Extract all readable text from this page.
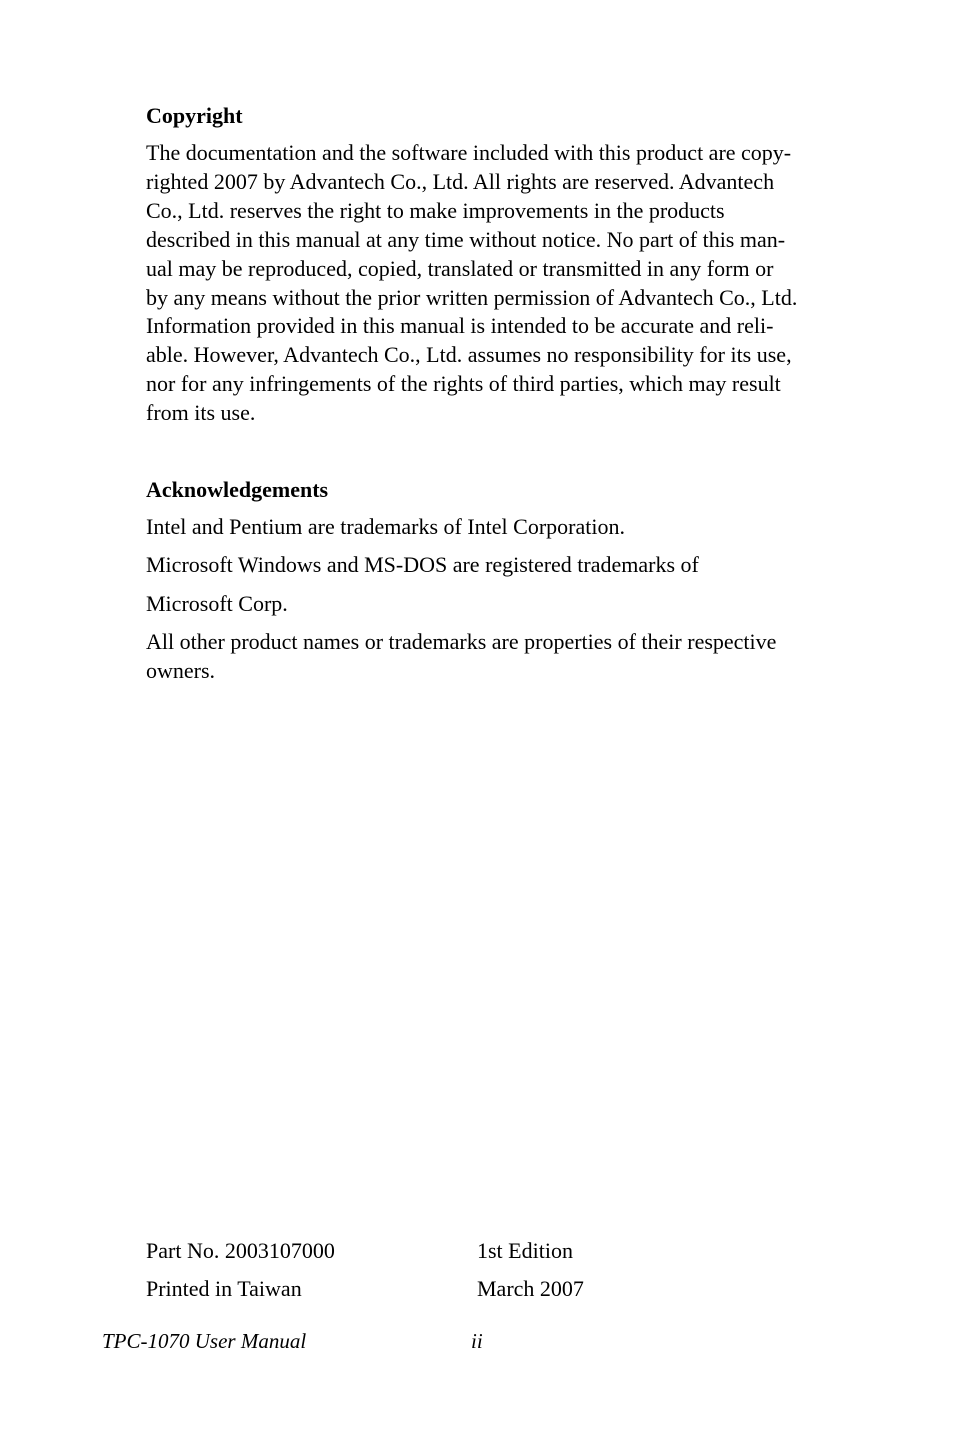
Copyright
The documentation and the software included with this product are copy-
righted 2007 by Advantech Co., Ltd. All rights are reserved. Advantech
Co., Ltd. reserves the right to make improvements in the products
described in this manual at any time without notice. No part of this man-
ual may be reproduced, copied, translated or transmitted in any form or
by any means without the prior written permission of Advantech Co., Ltd.
Information provided in this manual is intended to be accurate and reli-
able. However, Advantech Co., Ltd. assumes no responsibility for its use,
nor for any infringements of the rights of third parties, which may result
from its use.
Acknowledgements
Intel and Pentium are trademarks of Intel Corporation.
Microsoft Windows and MS-DOS are registered trademarks of
Microsoft Corp.
All other product names or trademarks are properties of their respective
owners.
Part No. 2003107000	1st Edition
Printed in Taiwan	March 2007
TPC-1070 User Manual	ii
